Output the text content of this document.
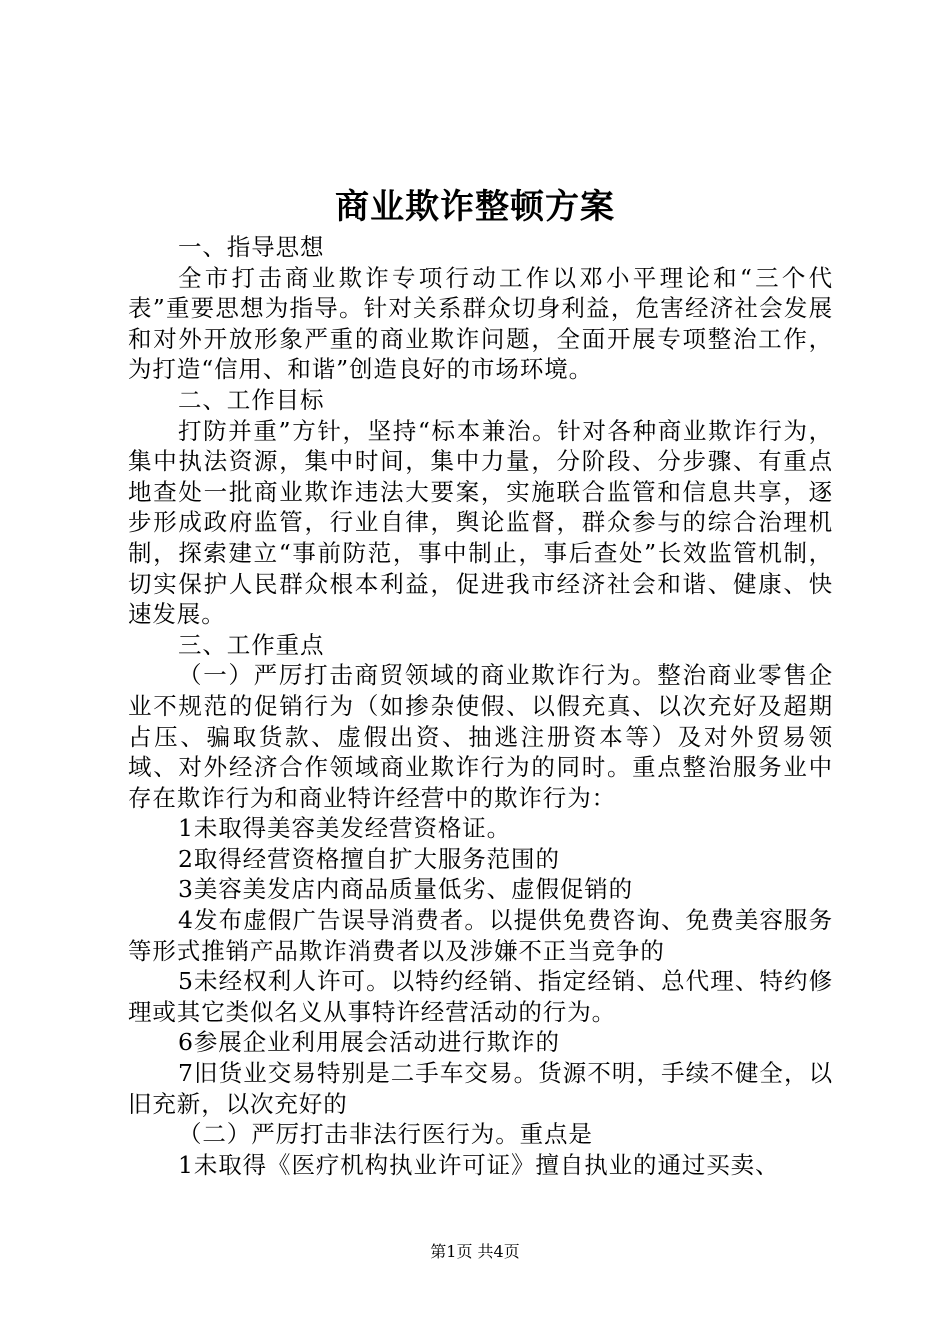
商业欺诈整顿方案

一、指导思想

全市打击商业欺诈专项行动工作以邓小平理论和“三个代表”重要思想为指导。针对关系群众切身利益，危害经济社会发展和对外开放形象严重的商业欺诈问题，全面开展专项整治工作，为打造“信用、和谐”创造良好的市场环境。

二、工作目标

打防并重”方针，坚持“标本兼治。针对各种商业欺诈行为，集中执法资源，集中时间，集中力量，分阶段、分步骤、有重点地查处一批商业欺诈违法大要案，实施联合监管和信息共享，逐步形成政府监管，行业自律，舆论监督，群众参与的综合治理机制，探索建立“事前防范，事中制止，事后查处”长效监管机制，切实保护人民群众根本利益，促进我市经济社会和谐、健康、快速发展。

三、工作重点

（一）严厉打击商贸领域的商业欺诈行为。整治商业零售企业不规范的促销行为（如掺杂使假、以假充真、以次充好及超期占压、骗取货款、虚假出资、抽逃注册资本等）及对外贸易领域、对外经济合作领域商业欺诈行为的同时。重点整治服务业中存在欺诈行为和商业特许经营中的欺诈行为：

1未取得美容美发经营资格证。

2取得经营资格擅自扩大服务范围的

3美容美发店内商品质量低劣、虚假促销的

4发布虚假广告误导消费者。以提供免费咨询、免费美容服务等形式推销产品欺诈消费者以及涉嫌不正当竞争的

5未经权利人许可。以特约经销、指定经销、总代理、特约修理或其它类似名义从事特许经营活动的行为。

6参展企业利用展会活动进行欺诈的

7旧货业交易特别是二手车交易。货源不明，手续不健全，以旧充新，以次充好的

（二）严厉打击非法行医行为。重点是

1未取得《医疗机构执业许可证》擅自执业的通过买卖、

第1页 共4页
